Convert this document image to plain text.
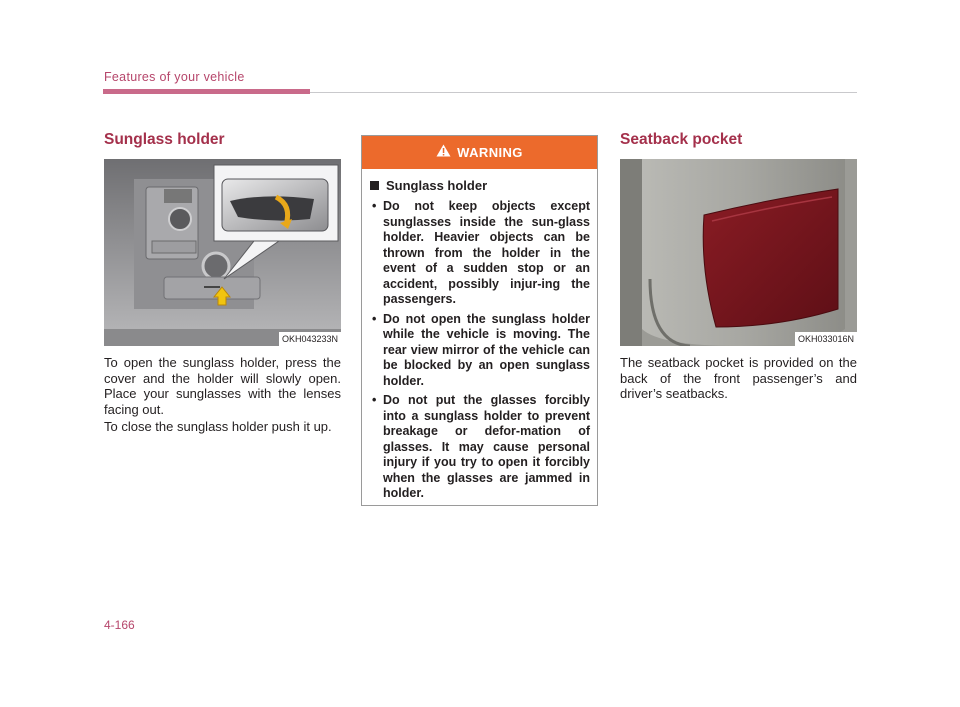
Features of your vehicle
Sunglass holder
OKH043233N

To open the sunglass holder, press the cover and the holder will slowly open. Place your sunglasses with the lenses facing out.

To close the sunglass holder push it up.

WARNING
Sunglass holder
• Do not keep objects except sunglasses inside the sun-glass holder. Heavier objects can be thrown from the holder in the event of a sudden stop or an accident, possibly injur-ing the passengers.
• Do not open the sunglass holder while the vehicle is moving. The rear view mirror of the vehicle can be blocked by an open sunglass holder.
• Do not put the glasses forcibly into a sunglass holder to prevent breakage or defor-mation of glasses. It may cause personal injury if you try to open it forcibly when the glasses are jammed in holder.
Seatback pocket
OKH033016N

The seatback pocket is provided on the back of the front passenger’s and driver’s seatbacks.

4-166
